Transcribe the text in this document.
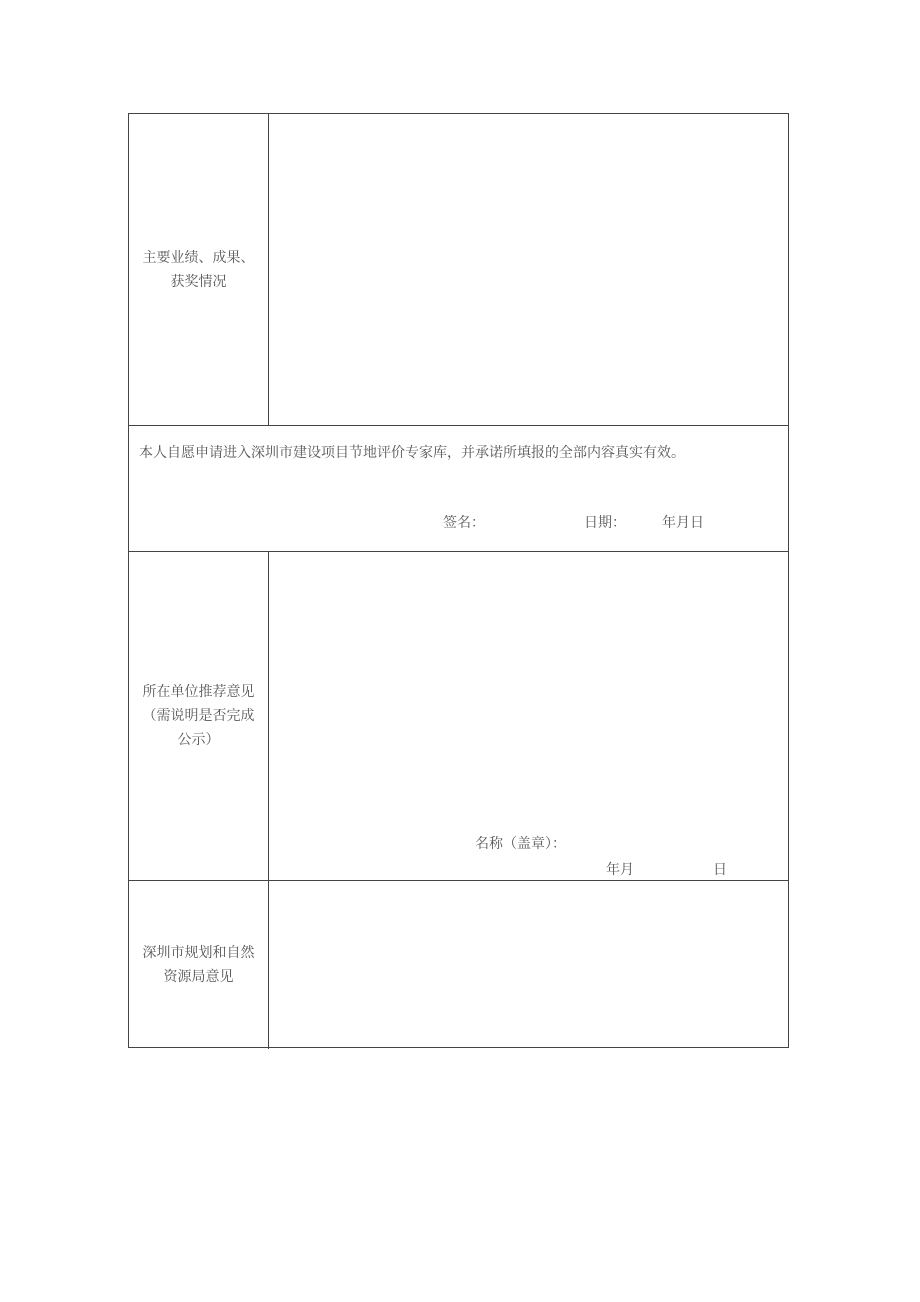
主要业绩、成果、
获奖情况
本人自愿申请进入深圳市建设项目节地评价专家库，并承诺所填报的全部内容真实有效。
签名：	日期：	年月日
所在单位推荐意见
（需说明是否完成
公示）
名称（盖章）：
年月	日
深圳市规划和自然
资源局意见
